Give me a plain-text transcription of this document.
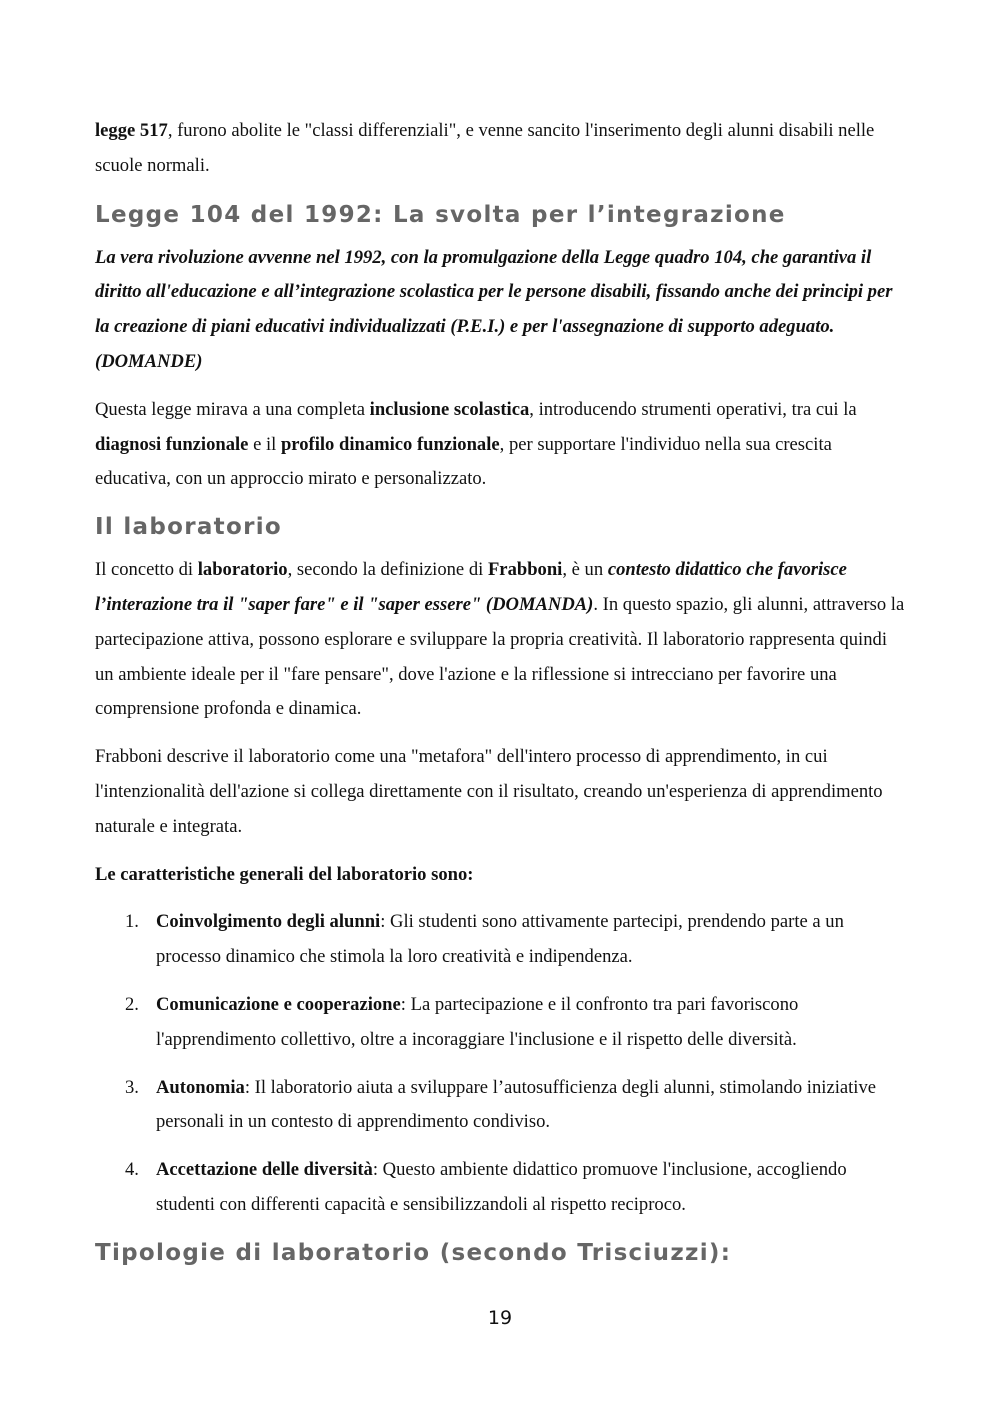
legge 517, furono abolite le "classi differenziali", e venne sancito l'inserimento degli alunni disabili nelle scuole normali.

Legge 104 del 1992: La svolta per l’integrazione

La vera rivoluzione avvenne nel 1992, con la promulgazione della Legge quadro 104, che garantiva il diritto all'educazione e all’integrazione scolastica per le persone disabili, fissando anche dei principi per la creazione di piani educativi individualizzati (P.E.I.) e per l'assegnazione di supporto adeguato. (DOMANDE)

Questa legge mirava a una completa inclusione scolastica, introducendo strumenti operativi, tra cui la diagnosi funzionale e il profilo dinamico funzionale, per supportare l'individuo nella sua crescita educativa, con un approccio mirato e personalizzato.

Il laboratorio

Il concetto di laboratorio, secondo la definizione di Frabboni, è un contesto didattico che favorisce l’interazione tra il "saper fare" e il "saper essere" (DOMANDA). In questo spazio, gli alunni, attraverso la partecipazione attiva, possono esplorare e sviluppare la propria creatività. Il laboratorio rappresenta quindi un ambiente ideale per il "fare pensare", dove l'azione e la riflessione si intrecciano per favorire una comprensione profonda e dinamica.

Frabboni descrive il laboratorio come una "metafora" dell'intero processo di apprendimento, in cui l'intenzionalità dell'azione si collega direttamente con il risultato, creando un'esperienza di apprendimento naturale e integrata.

Le caratteristiche generali del laboratorio sono:

1. Coinvolgimento degli alunni: Gli studenti sono attivamente partecipi, prendendo parte a un processo dinamico che stimola la loro creatività e indipendenza.
2. Comunicazione e cooperazione: La partecipazione e il confronto tra pari favoriscono l'apprendimento collettivo, oltre a incoraggiare l'inclusione e il rispetto delle diversità.
3. Autonomia: Il laboratorio aiuta a sviluppare l’autosufficienza degli alunni, stimolando iniziative personali in un contesto di apprendimento condiviso.
4. Accettazione delle diversità: Questo ambiente didattico promuove l'inclusione, accogliendo studenti con differenti capacità e sensibilizzandoli al rispetto reciproco.
Tipologie di laboratorio (secondo Trisciuzzi):
19
